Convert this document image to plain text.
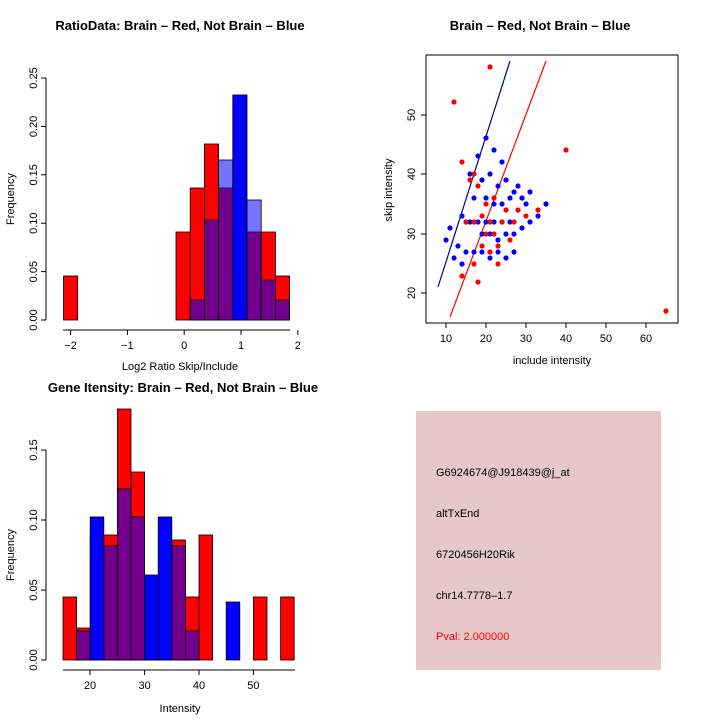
RatioData: Brain – Red, Not Brain – Blue
0.00
0.05
0.10
0.15
0.20
0.25
Frequency
−2	−1	0	1	2
Log2 Ratio Skip/Include
Brain – Red, Not Brain – Blue
20
30
40
50
skip intensity
10	20	30	40	50	60
include intensity
Gene Itensity: Brain – Red, Not Brain – Blue
0.00
0.05
0.10
0.15
Frequency
20	30	40	50
Intensity
G6924674@J918439@j_at
altTxEnd
6720456H20Rik
chr14.7778–1.7
Pval: 2.000000
